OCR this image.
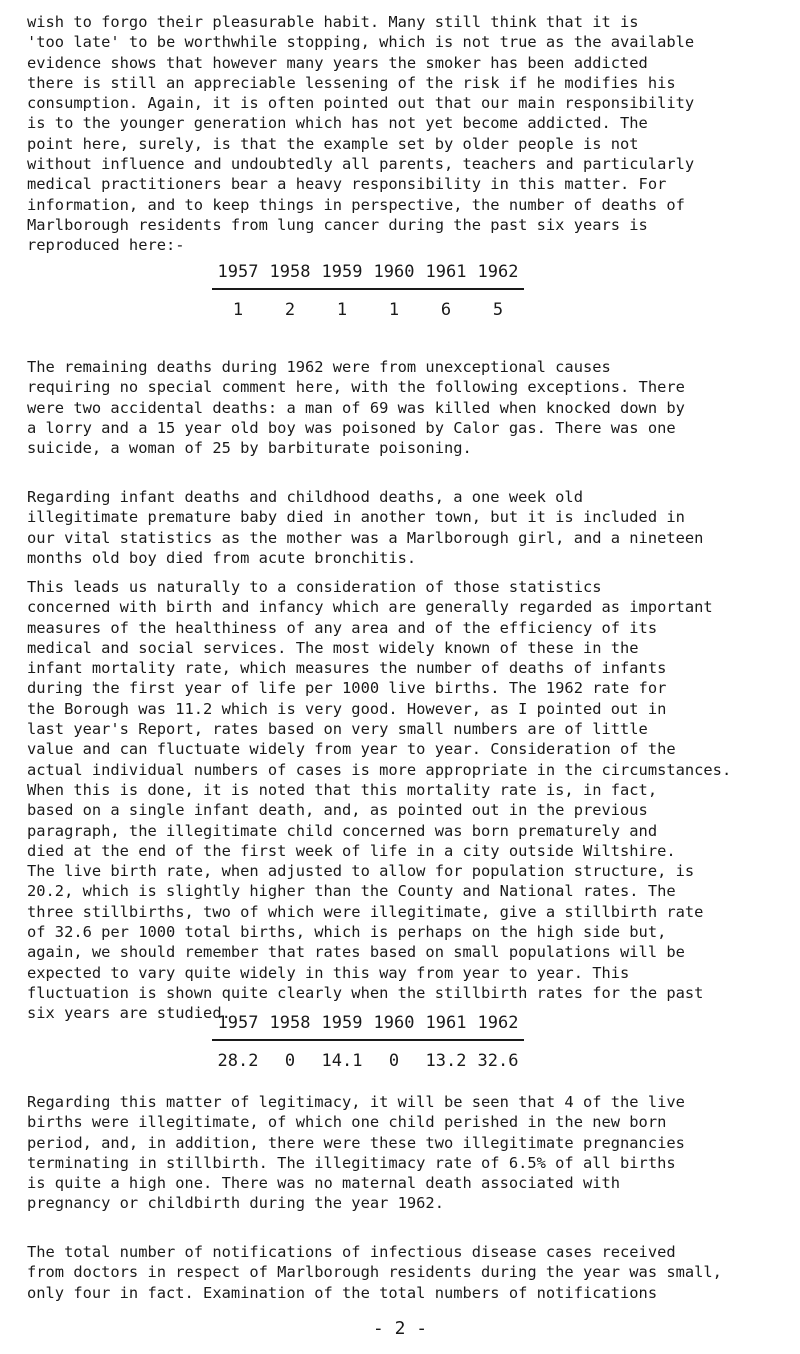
wish to forgo their pleasurable habit. Many still think that it is
'too late' to be worthwhile stopping, which is not true as the available
evidence shows that however many years the smoker has been addicted
there is still an appreciable lessening of the risk if he modifies his
consumption. Again, it is often pointed out that our main responsibility
is to the younger generation which has not yet become addicted. The
point here, surely, is that the example set by older people is not
without influence and undoubtedly all parents, teachers and particularly
medical practitioners bear a heavy responsibility in this matter. For
information, and to keep things in perspective, the number of deaths of
Marlborough residents from lung cancer during the past six years is
reproduced here:-

1957 1958 1959 1960 1961 1962
1	2	1	1	6	5

The remaining deaths during 1962 were from unexceptional causes
requiring no special comment here, with the following exceptions. There
were two accidental deaths: a man of 69 was killed when knocked down by
a lorry and a 15 year old boy was poisoned by Calor gas. There was one
suicide, a woman of 25 by barbiturate poisoning.

Regarding infant deaths and childhood deaths, a one week old
illegitimate premature baby died in another town, but it is included in
our vital statistics as the mother was a Marlborough girl, and a nineteen
months old boy died from acute bronchitis.

This leads us naturally to a consideration of those statistics
concerned with birth and infancy which are generally regarded as important
measures of the healthiness of any area and of the efficiency of its
medical and social services. The most widely known of these in the
infant mortality rate, which measures the number of deaths of infants
during the first year of life per 1000 live births. The 1962 rate for
the Borough was 11.2 which is very good. However, as I pointed out in
last year's Report, rates based on very small numbers are of little
value and can fluctuate widely from year to year. Consideration of the
actual individual numbers of cases is more appropriate in the circumstances.
When this is done, it is noted that this mortality rate is, in fact,
based on a single infant death, and, as pointed out in the previous
paragraph, the illegitimate child concerned was born prematurely and
died at the end of the first week of life in a city outside Wiltshire.
The live birth rate, when adjusted to allow for population structure, is
20.2, which is slightly higher than the County and National rates. The
three stillbirths, two of which were illegitimate, give a stillbirth rate
of 32.6 per 1000 total births, which is perhaps on the high side but,
again, we should remember that rates based on small populations will be
expected to vary quite widely in this way from year to year. This
fluctuation is shown quite clearly when the stillbirth rates for the past
six years are studied.

1957 1958 1959 1960 1961 1962
28.2	0	14.1	0	13.2 32.6

Regarding this matter of legitimacy, it will be seen that 4 of the live
births were illegitimate, of which one child perished in the new born
period, and, in addition, there were these two illegitimate pregnancies
terminating in stillbirth. The illegitimacy rate of 6.5% of all births
is quite a high one. There was no maternal death associated with
pregnancy or childbirth during the year 1962.

The total number of notifications of infectious disease cases received
from doctors in respect of Marlborough residents during the year was small,
only four in fact. Examination of the total numbers of notifications

- 2 -
